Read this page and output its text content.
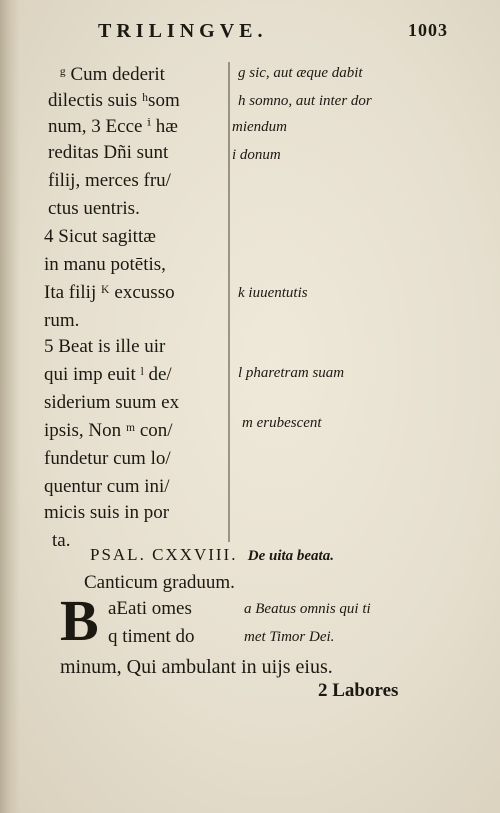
TRILINGVE.	1003
ᵍ Cum dederit
dilectis suis ʰsom
num, 3 Ecce ⁱ hæ
reditas Dñi sunt
filij, merces fru/
ctus uentris.
4 Sicut sagittæ
in manu potētis,
Ita filij ᴷ excusso
rum.
5 Beat is ille uir
qui imp euit ˡ de/
siderium suum ex
ipsis, Non ᵐ con/
fundetur cum lo/
quentur cum ini/
micis suis in por
ta.
g sic, aut æque dabit
h somno, aut inter dor
miendum
i donum
k iuuentutis
l pharetram suam
m erubescent
PSAL. CXXVIII. De uita beata.
Canticum graduum.
B aEati omes	a Beatus omnis qui ti
q timent do	met Timor Dei.
minum, Qui ambulant in uijs eius.
2 Labores
